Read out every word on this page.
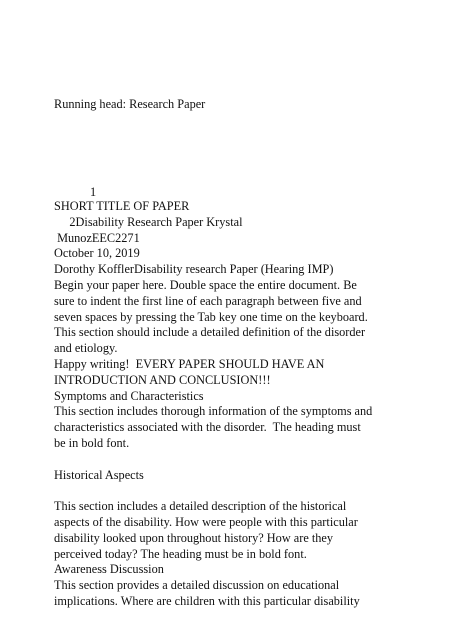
Running head: Research Paper
1
SHORT TITLE OF PAPER
2Disability Research Paper Krystal
MunozEEC2271
October 10, 2019
Dorothy KofflerDisability research Paper (Hearing IMP)
Begin your paper here. Double space the entire document. Be
sure to indent the first line of each paragraph between five and
seven spaces by pressing the Tab key one time on the keyboard.
This section should include a detailed definition of the disorder
and etiology.
Happy writing!  EVERY PAPER SHOULD HAVE AN
INTRODUCTION AND CONCLUSION!!!
Symptoms and Characteristics
This section includes thorough information of the symptoms and
characteristics associated with the disorder.  The heading must
be in bold font.
Historical Aspects
This section includes a detailed description of the historical
aspects of the disability. How were people with this particular
disability looked upon throughout history? How are they
perceived today? The heading must be in bold font.
Awareness Discussion
This section provides a detailed discussion on educational
implications. Where are children with this particular disability
